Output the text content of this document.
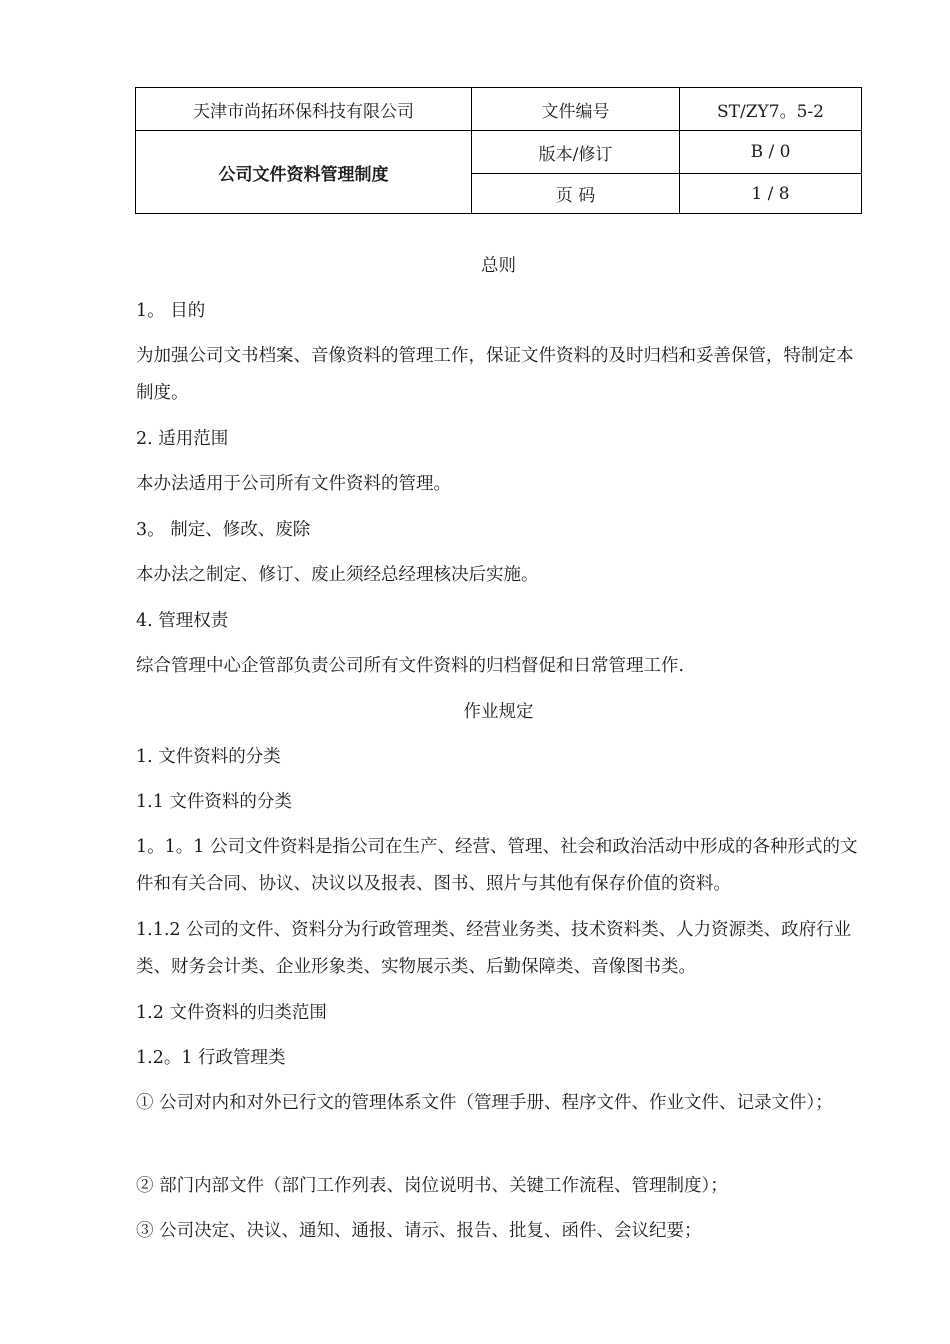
天津市尚拓环保科技有限公司	文件编号	ST/ZY7。5-2
公司文件资料管理制度	版本/修订	B / 0
	页 码	1 / 8
总则
1。 目的
为加强公司文书档案、音像资料的管理工作，保证文件资料的及时归档和妥善保管，特制定本制度。
2. 适用范围
本办法适用于公司所有文件资料的管理。
3。 制定、修改、废除
本办法之制定、修订、废止须经总经理核决后实施。
4. 管理权责
综合管理中心企管部负责公司所有文件资料的归档督促和日常管理工作.
作业规定
1. 文件资料的分类
1.1 文件资料的分类
1。1。1 公司文件资料是指公司在生产、经营、管理、社会和政治活动中形成的各种形式的文件和有关合同、协议、决议以及报表、图书、照片与其他有保存价值的资料。
1.1.2 公司的文件、资料分为行政管理类、经营业务类、技术资料类、人力资源类、政府行业类、财务会计类、企业形象类、实物展示类、后勤保障类、音像图书类。
1.2 文件资料的归类范围
1.2。1 行政管理类
① 公司对内和对外已行文的管理体系文件（管理手册、程序文件、作业文件、记录文件）；
② 部门内部文件（部门工作列表、岗位说明书、关键工作流程、管理制度）；
③ 公司决定、决议、通知、通报、请示、报告、批复、函件、会议纪要；
